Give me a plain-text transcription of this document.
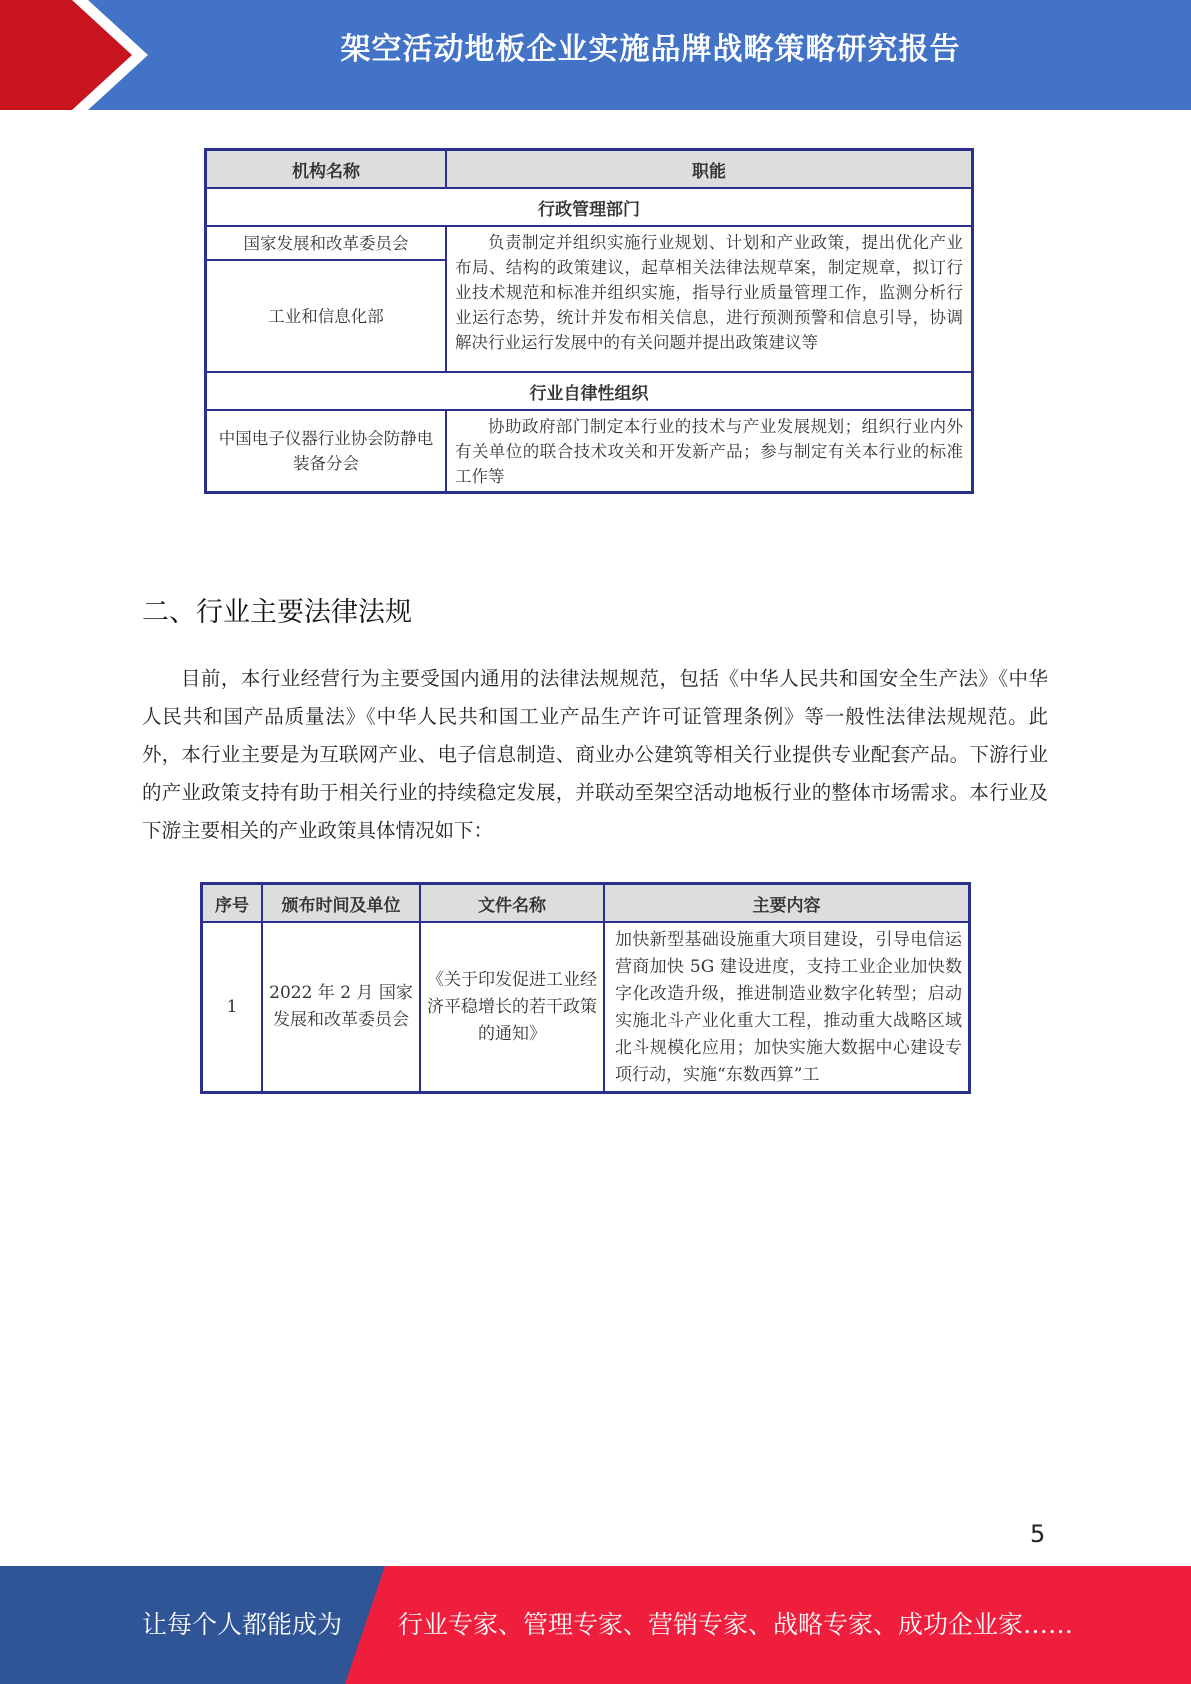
架空活动地板企业实施品牌战略策略研究报告
机构名称	职能
行政管理部门	
国家发展和改革委员会	负责制定并组织实施行业规划、计划和产业政策，提出优化产业布局、结构的政策建议，起草相关法律法规草案，制定规章，拟订行业技术规范和标准并组织实施，指导行业质量管理工作，监测分析行业运行态势，统计并发布相关信息，进行预测预警和信息引导，协调解决行业运行发展中的有关问题并提出政策建议等
工业和信息化部	
行业自律性组织	
中国电子仪器行业协会防静电装备分会	协助政府部门制定本行业的技术与产业发展规划；组织行业内外有关单位的联合技术攻关和开发新产品；参与制定有关本行业的标准工作等
二、行业主要法律法规
目前，本行业经营行为主要受国内通用的法律法规规范，包括《中华人民共和国安全生产法》《中华人民共和国产品质量法》《中华人民共和国工业产品生产许可证管理条例》等一般性法律法规规范。此外，本行业主要是为互联网产业、电子信息制造、商业办公建筑等相关行业提供专业配套产品。下游行业的产业政策支持有助于相关行业的持续稳定发展，并联动至架空活动地板行业的整体市场需求。本行业及下游主要相关的产业政策具体情况如下：
序号	颁布时间及单位	文件名称	主要内容
1	2022 年 2 月 国家发展和改革委员会	《关于印发促进工业经济平稳增长的若干政策的通知》	加快新型基础设施重大项目建设，引导电信运营商加快 5G 建设进度，支持工业企业加快数字化改造升级，推进制造业数字化转型；启动实施北斗产业化重大工程，推动重大战略区域北斗规模化应用；加快实施大数据中心建设专项行动，实施“东数西算”工
5
让每个人都能成为 行业专家、管理专家、营销专家、战略专家、成功企业家……
